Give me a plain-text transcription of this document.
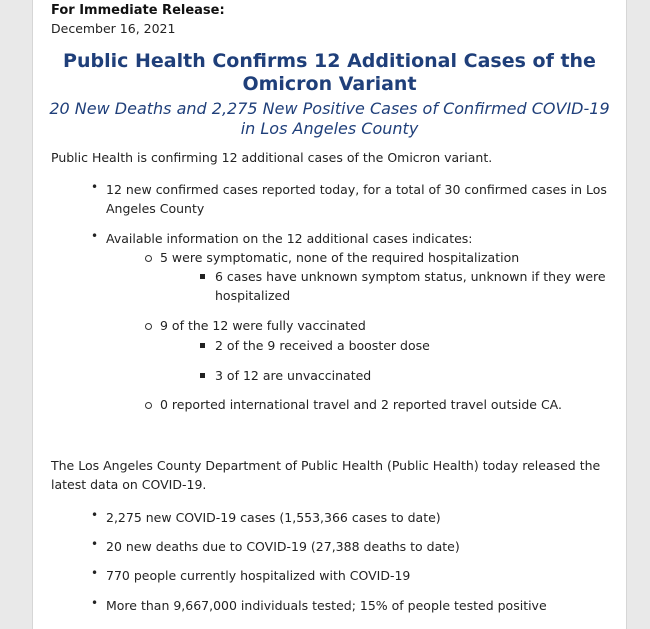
For Immediate Release:
December 16, 2021
Public Health Confirms 12 Additional Cases of the
Omicron Variant
20 New Deaths and 2,275 New Positive Cases of Confirmed COVID-19
in Los Angeles County
Public Health is confirming 12 additional cases of the Omicron variant.
•
12 new confirmed cases reported today, for a total of 30 confirmed cases in Los
Angeles County
•
Available information on the 12 additional cases indicates:
5 were symptomatic, none of the required hospitalization
6 cases have unknown symptom status, unknown if they were
hospitalized
9 of the 12 were fully vaccinated
2 of the 9 received a booster dose
3 of 12 are unvaccinated
0 reported international travel and 2 reported travel outside CA.
The Los Angeles County Department of Public Health (Public Health) today released the
latest data on COVID-19.
•
2,275 new COVID-19 cases (1,553,366 cases to date)
•
20 new deaths due to COVID-19 (27,388 deaths to date)
•
770 people currently hospitalized with COVID-19
•
More than 9,667,000 individuals tested; 15% of people tested positive
